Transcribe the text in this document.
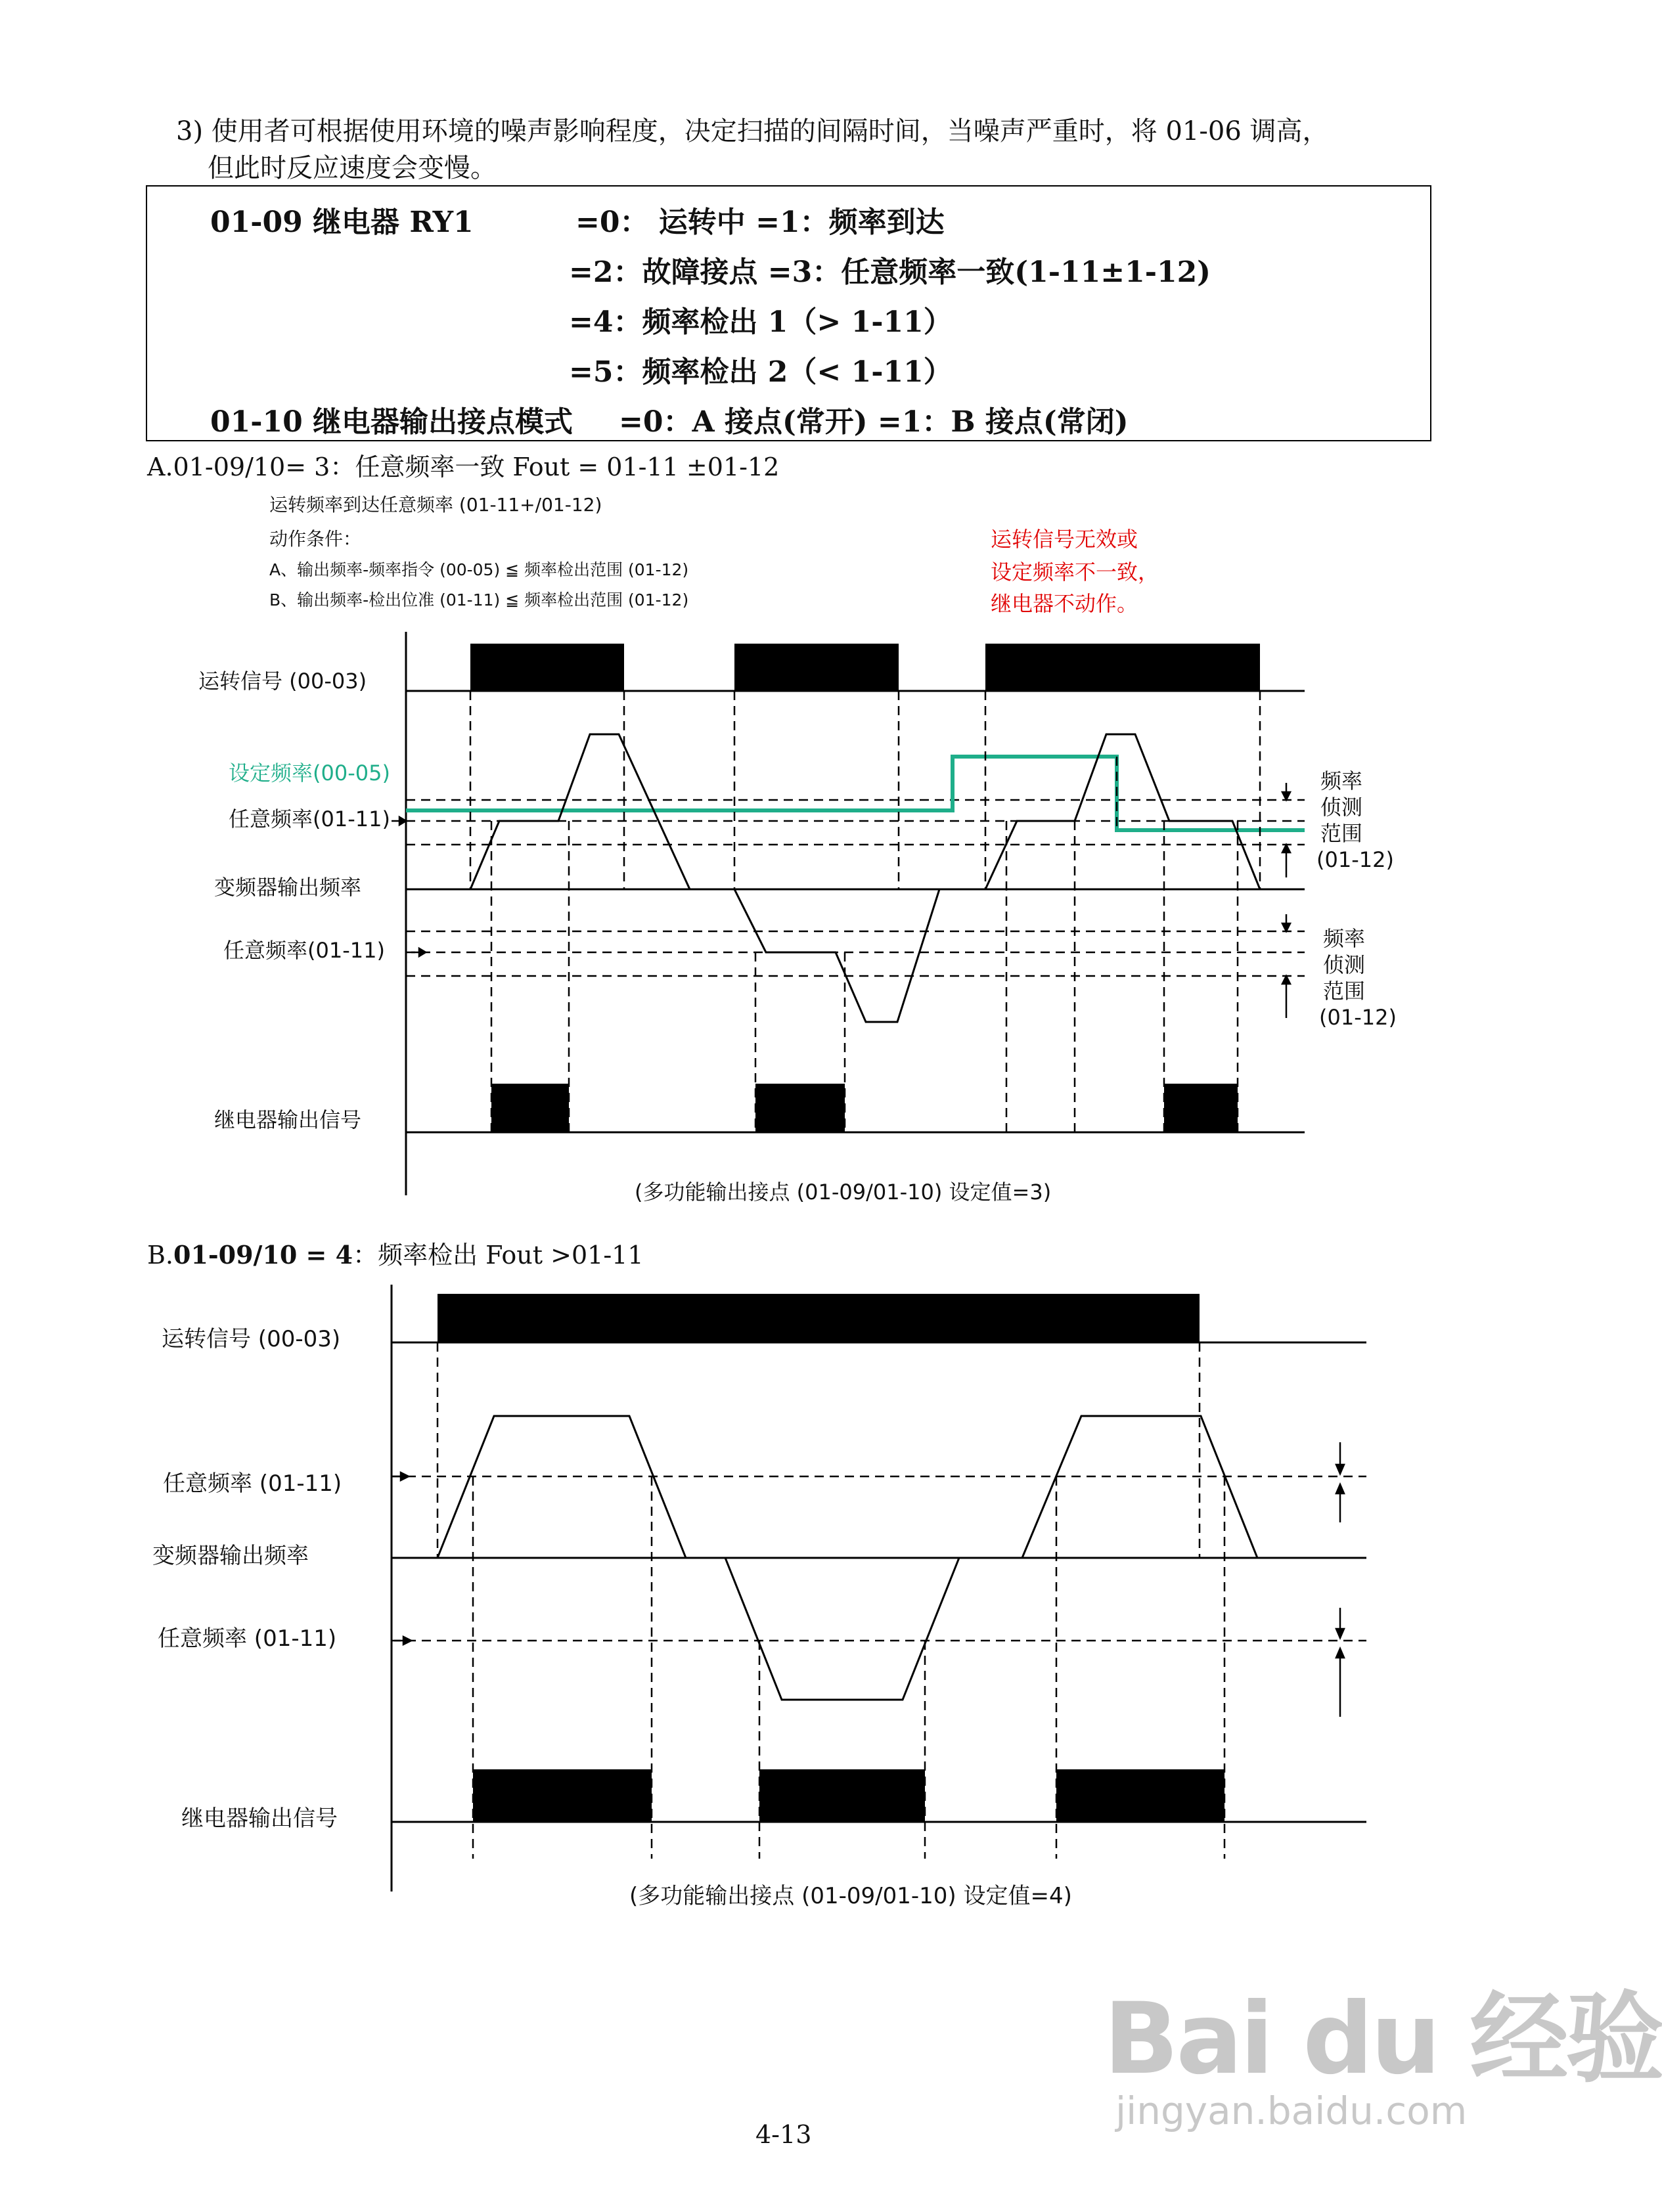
3) 使用者可根据使用环境的噪声影响程度，决定扫描的间隔时间，当噪声严重时，将 01-06 调高，
但此时反应速度会变慢。
01-09 继电器 RY1	=0： 运转中 =1：频率到达
=2：故障接点 =3：任意频率一致(1-11±1-12)
=4：频率检出 1（> 1-11）
=5：频率检出 2（< 1-11）
01-10 继电器输出接点模式 =0：A 接点(常开) =1：B 接点(常闭)
A.01-09/10= 3：任意频率一致 Fout = 01-11 ±01-12
运转频率到达任意频率 (01-11+/01-12)
动作条件：
A、输出频率-频率指令 (00-05) ≦ 频率检出范围 (01-12)
B、输出频率-检出位准 (01-11) ≦ 频率检出范围 (01-12)
运转信号无效或
设定频率不一致，
继电器不动作。
运转信号 (00-03)
设定频率(00-05)
任意频率(01-11)
变频器输出频率
任意频率(01-11)
继电器输出信号
频率
侦测
范围
(01-12)
频率
侦测
范围
(01-12)
(多功能输出接点 (01-09/01-10) 设定值=3)
B.01-09/10 = 4：频率检出 Fout >01-11
运转信号 (00-03)
任意频率 (01-11)
变频器输出频率
任意频率 (01-11)
继电器输出信号
(多功能输出接点 (01-09/01-10) 设定值=4)
Bai du 经验
jingyan.baidu.com
4-13
